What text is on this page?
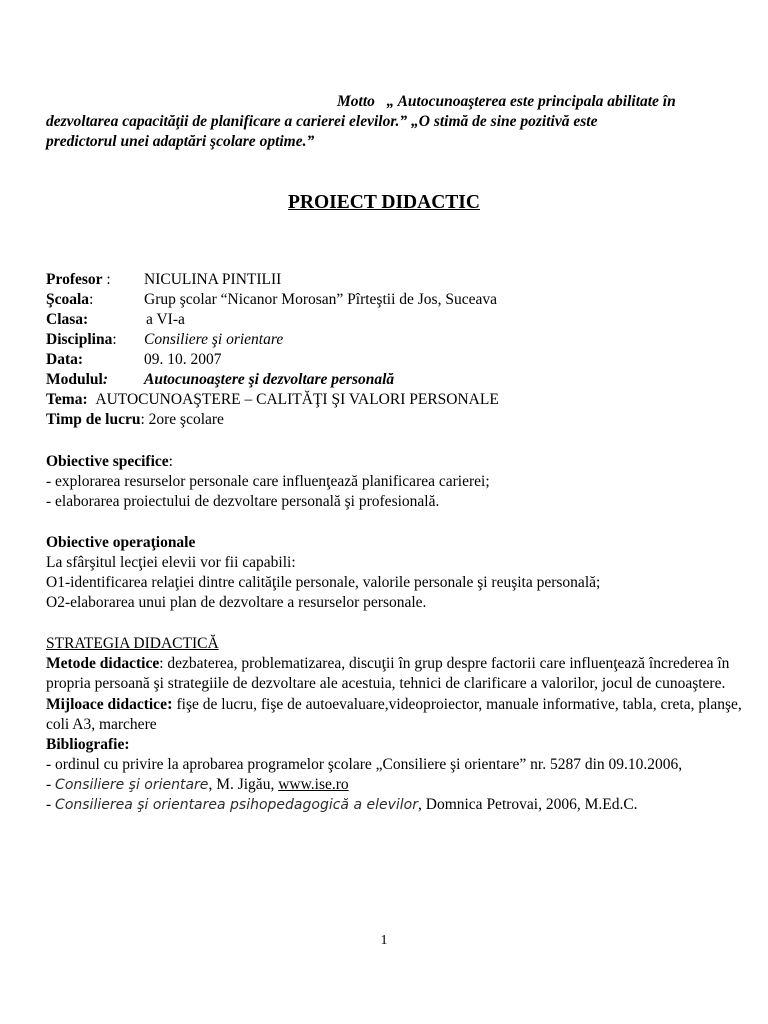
Motto „ Autocunoaşterea este principala abilitate în
dezvoltarea capacităţii de planificare a carierei elevilor.” „O stimă de sine pozitivă este
predictorul unei adaptări şcolare optime.”
PROIECT DIDACTIC
Profesor : NICULINA PINTILII
Şcoala:	Grup şcolar “Nicanor Morosan” Pîrteştii de Jos, Suceava
Clasa:	a VI-a
Disciplina: Consiliere şi orientare
Data:	09. 10. 2007
Modulul: Autocunoaştere şi dezvoltare personală
Tema: AUTOCUNOAŞTERE – CALITĂŢI ŞI VALORI PERSONALE
Timp de lucru: 2ore şcolare
Obiective specifice:
- explorarea resurselor personale care influenţează planificarea carierei;
- elaborarea proiectului de dezvoltare personală şi profesională.
Obiective operaţionale
La sfârşitul lecţiei elevii vor fii capabili:
O1-identificarea relaţiei dintre calităţile personale, valorile personale şi reuşita personală;
O2-elaborarea unui plan de dezvoltare a resurselor personale.
STRATEGIA DIDACTICĂ
Metode didactice: dezbaterea, problematizarea, discuţii în grup despre factorii care influenţează încrederea în propria persoană şi strategiile de dezvoltare ale acestuia, tehnici de clarificare a valorilor, jocul de cunoaştere.
Mijloace didactice: fişe de lucru, fişe de autoevaluare,videoproiector, manuale informative, tabla, creta, planşe, coli A3, marchere
Bibliografie:
- ordinul cu privire la aprobarea programelor şcolare „Consiliere şi orientare” nr. 5287 din 09.10.2006,
- Consiliere şi orientare, M. Jigău, www.ise.ro
- Consilierea şi orientarea psihopedagogică a elevilor, Domnica Petrovai, 2006, M.Ed.C.
1
